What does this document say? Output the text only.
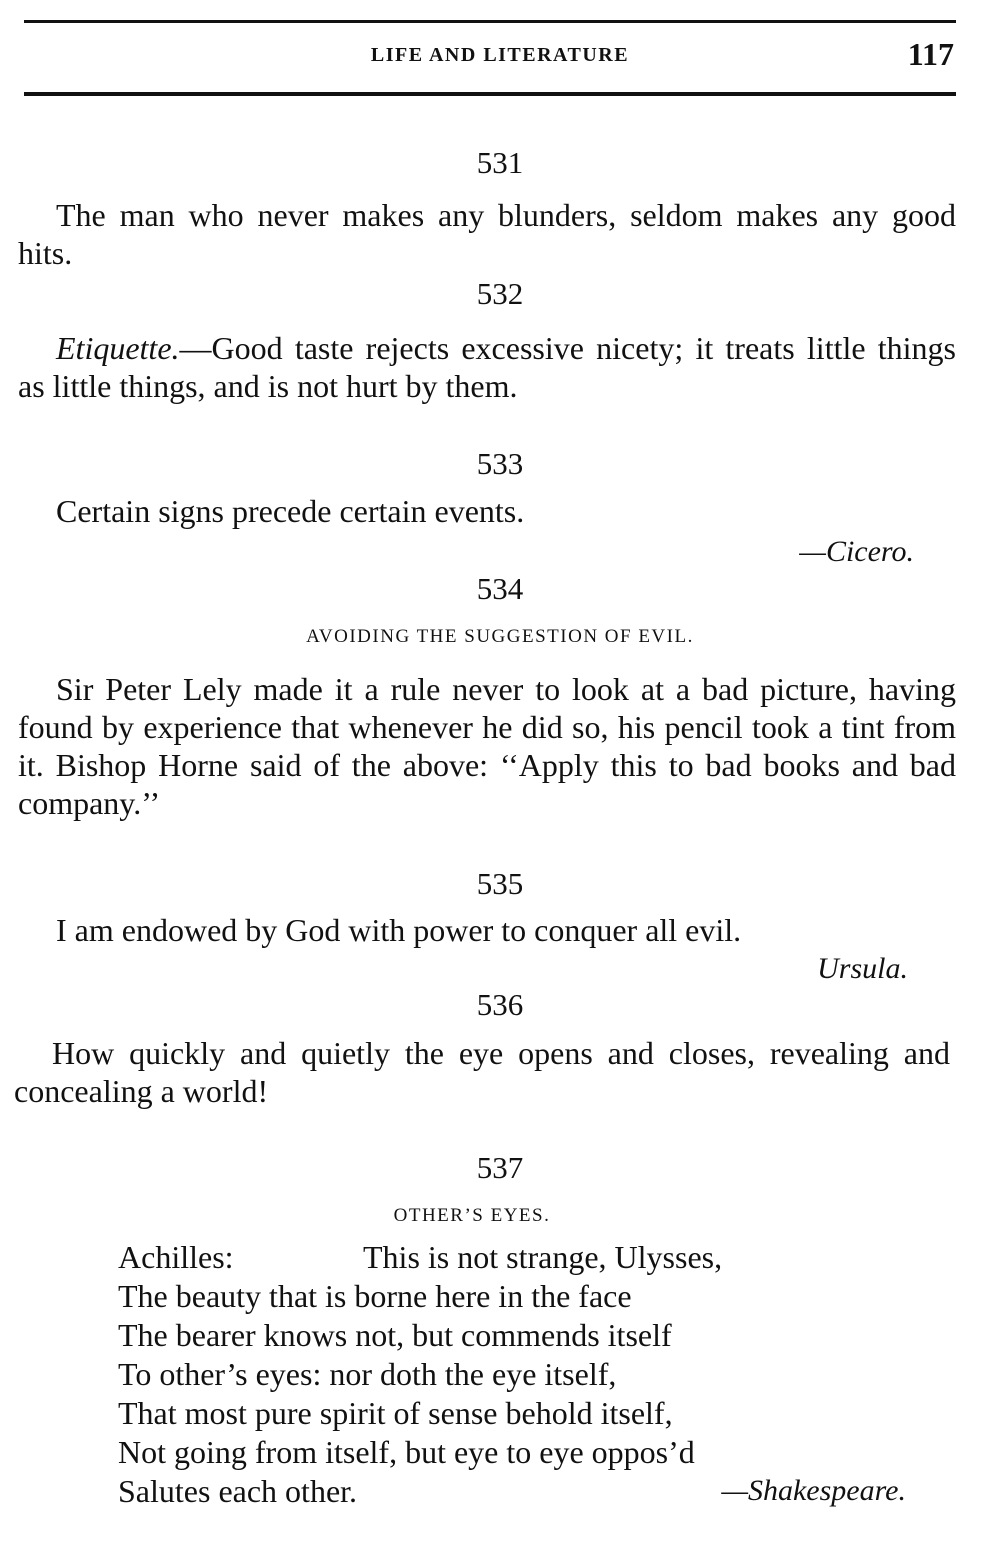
LIFE AND LITERATURE	117
531

The man who never makes any blunders, seldom makes any good hits.

532

Etiquette.—Good taste rejects excessive nicety; it treats little things as little things, and is not hurt by them.

533

Certain signs precede certain events.

—Cicero.
534
AVOIDING THE SUGGESTION OF EVIL.

Sir Peter Lely made it a rule never to look at a bad picture, having found by experience that whenever he did so, his pencil took a tint from it. Bishop Horne said of the above: ‘‘Apply this to bad books and bad company.’’

535

I am endowed by God with power to conquer all evil.

Ursula.
536

How quickly and quietly the eye opens and closes, revealing and concealing a world!

537
OTHER’S EYES.
Achilles:	This is not strange, Ulysses,
The beauty that is borne here in the face
The bearer knows not, but commends itself
To other’s eyes: nor doth the eye itself,
That most pure spirit of sense behold itself,
Not going from itself, but eye to eye oppos’d
Salutes each other.	—Shakespeare.
